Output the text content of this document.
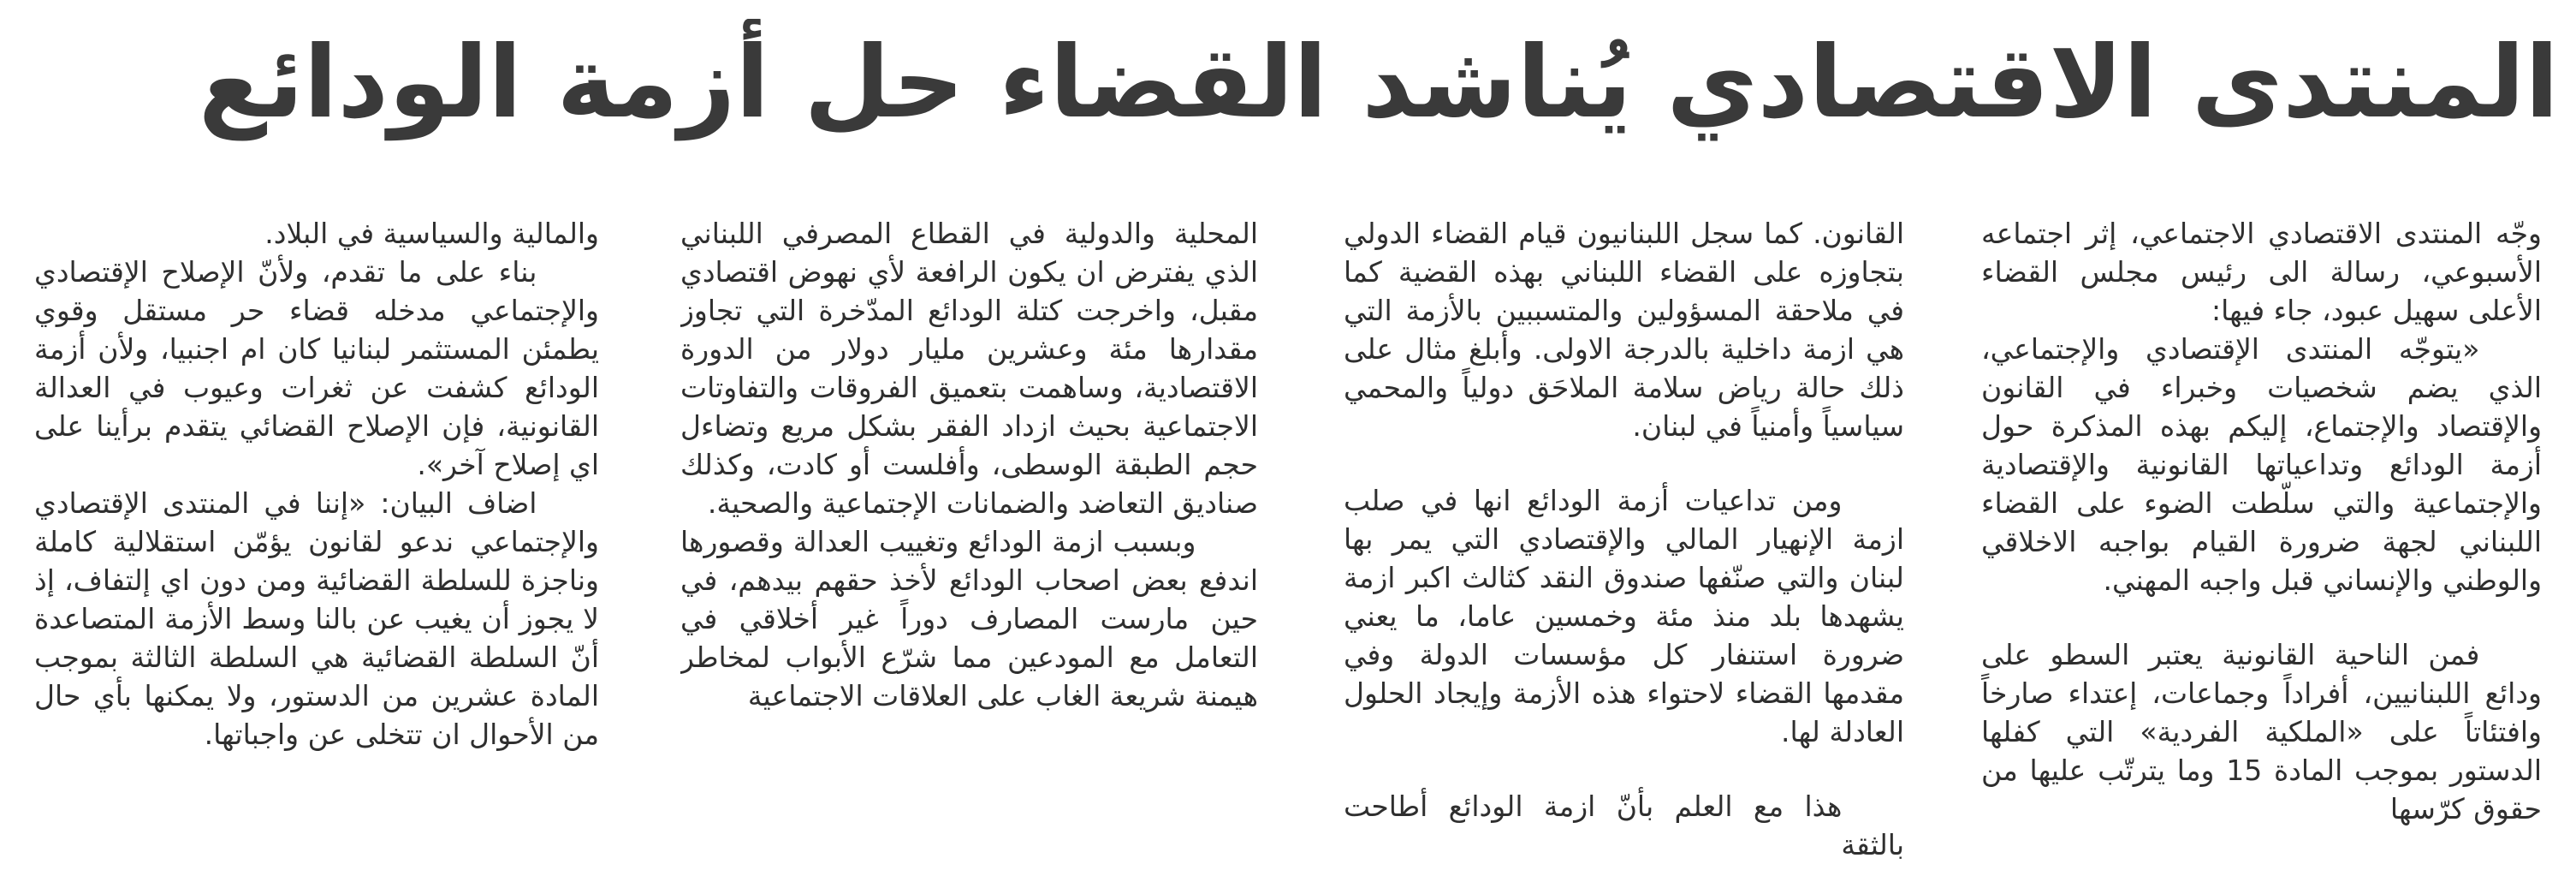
المنتدى الاقتصادي يُناشد القضاء حل أزمة الودائع

وجّه المنتدى الاقتصادي الاجتماعي، إثر اجتماعه الأسبوعي، رسالة الى رئيس مجلس القضاء الأعلى سهيل عبود، جاء فيها:

«يتوجّه المنتدى الإقتصادي والإجتماعي، الذي يضم شخصيات وخبراء في القانون والإقتصاد والإجتماع، إليكم بهذه المذكرة حول أزمة الودائع وتداعياتها القانونية والإقتصادية والإجتماعية والتي سلّطت الضوء على القضاء اللبناني لجهة ضرورة القيام بواجبه الاخلاقي والوطني والإنساني قبل واجبه المهني.

فمن الناحية القانونية يعتبر السطو على ودائع اللبنانيين، أفراداً وجماعات، إعتداء صارخاً وافتئاتاً على «الملكية الفردية» التي كفلها الدستور بموجب المادة 15 وما يترتّب عليها من حقوق كرّسها

القانون. كما سجل اللبنانيون قيام القضاء الدولي بتجاوزه على القضاء اللبناني بهذه القضية كما في ملاحقة المسؤولين والمتسببين بالأزمة التي هي ازمة داخلية بالدرجة الاولى. وأبلغ مثال على ذلك حالة رياض سلامة الملاحَق دولياً والمحمي سياسياً وأمنياً في لبنان.

ومن تداعيات أزمة الودائع انها في صلب ازمة الإنهيار المالي والإقتصادي التي يمر بها لبنان والتي صنّفها صندوق النقد كثالث اكبر ازمة يشهدها بلد منذ مئة وخمسين عاما، ما يعني ضرورة استنفار كل مؤسسات الدولة وفي مقدمها القضاء لاحتواء هذه الأزمة وإيجاد الحلول العادلة لها.

هذا مع العلم بأنّ ازمة الودائع أطاحت بالثقة

المحلية والدولية في القطاع المصرفي اللبناني الذي يفترض ان يكون الرافعة لأي نهوض اقتصادي مقبل، واخرجت كتلة الودائع المدّخرة التي تجاوز مقدارها مئة وعشرين مليار دولار من الدورة الاقتصادية، وساهمت بتعميق الفروقات والتفاوتات الاجتماعية بحيث ازداد الفقر بشكل مريع وتضاءل حجم الطبقة الوسطى، وأفلست أو كادت، وكذلك صناديق التعاضد والضمانات الإجتماعية والصحية.

وبسبب ازمة الودائع وتغييب العدالة وقصورها اندفع بعض اصحاب الودائع لأخذ حقهم بيدهم، في حين مارست المصارف دوراً غير أخلاقي في التعامل مع المودعين مما شرّع الأبواب لمخاطر هيمنة شريعة الغاب على العلاقات الاجتماعية

والمالية والسياسية في البلاد.

بناء على ما تقدم، ولأنّ الإصلاح الإقتصادي والإجتماعي مدخله قضاء حر مستقل وقوي يطمئن المستثمر لبنانيا كان ام اجنبيا، ولأن أزمة الودائع كشفت عن ثغرات وعيوب في العدالة القانونية، فإن الإصلاح القضائي يتقدم برأينا على اي إصلاح آخر».

اضاف البيان: «إننا في المنتدى الإقتصادي والإجتماعي ندعو لقانون يؤمّن استقلالية كاملة وناجزة للسلطة القضائية ومن دون اي إلتفاف، إذ لا يجوز أن يغيب عن بالنا وسط الأزمة المتصاعدة أنّ السلطة القضائية هي السلطة الثالثة بموجب المادة عشرين من الدستور، ولا يمكنها بأي حال من الأحوال ان تتخلى عن واجباتها.
